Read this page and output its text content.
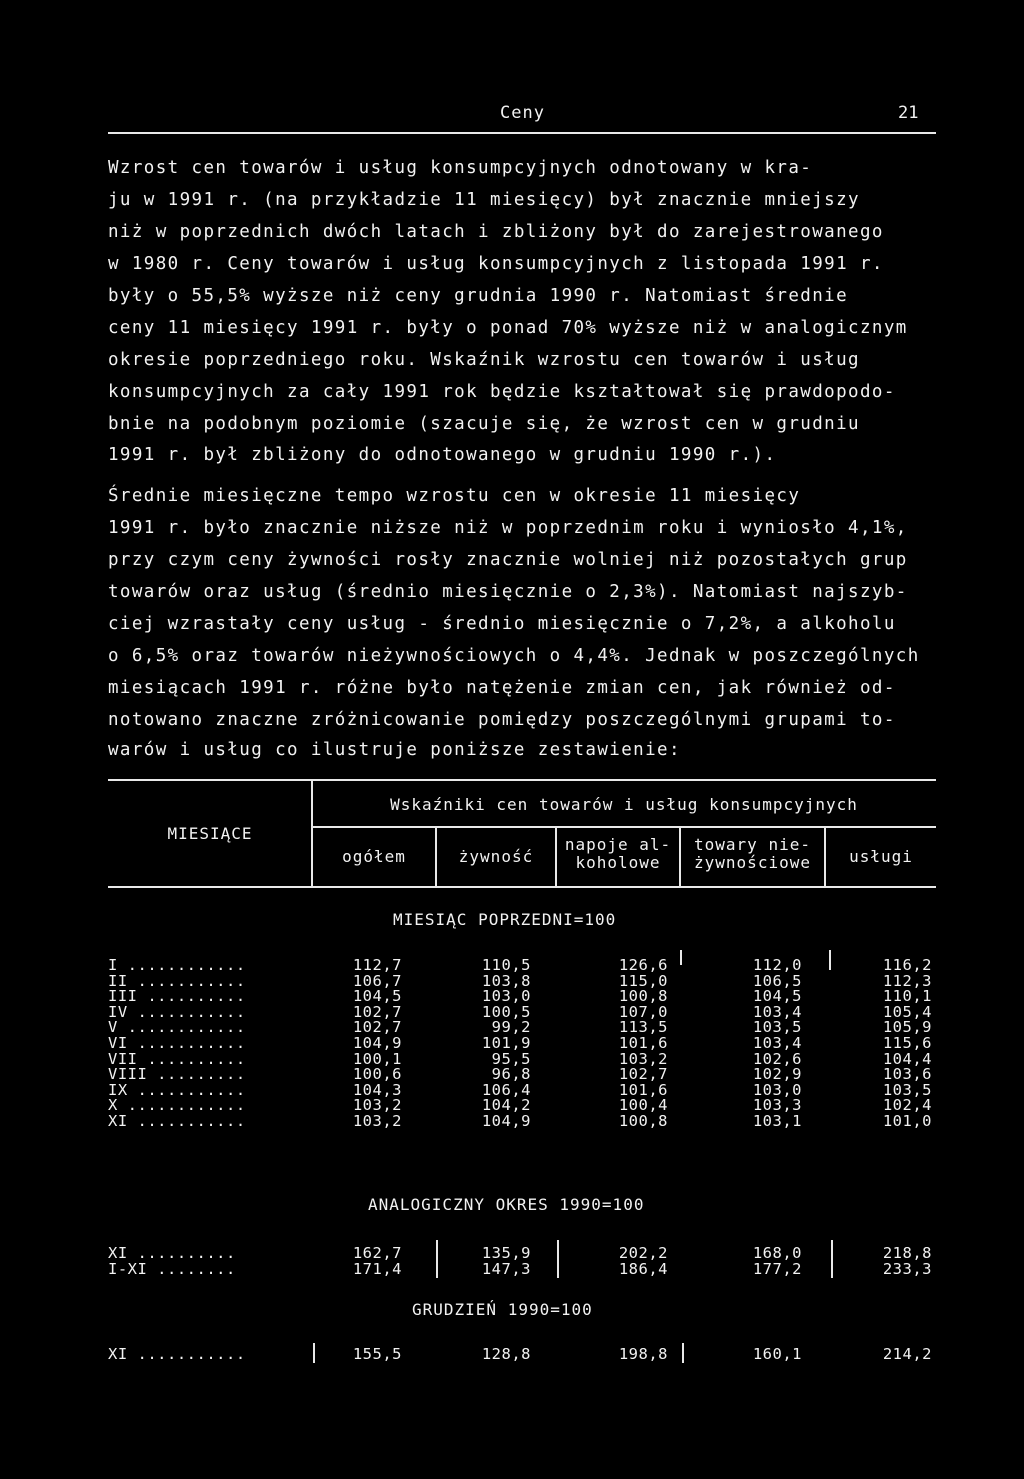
Ceny	21
Wzrost cen towarów i usług konsumpcyjnych odnotowany w kra-
ju w 1991 r. (na przykładzie 11 miesięcy) był znacznie mniejszy
niż w poprzednich dwóch latach i zbliżony był do zarejestrowanego
w 1980 r. Ceny towarów i usług konsumpcyjnych z listopada 1991 r.
były o 55,5% wyższe niż ceny grudnia 1990 r. Natomiast średnie
ceny 11 miesięcy 1991 r. były o ponad 70% wyższe niż w analogicznym
okresie poprzedniego roku. Wskaźnik wzrostu cen towarów i usług
konsumpcyjnych za cały 1991 rok będzie kształtował się prawdopodo-
bnie na podobnym poziomie (szacuje się, że wzrost cen w grudniu
1991 r. był zbliżony do odnotowanego w grudniu 1990 r.).
Średnie miesięczne tempo wzrostu cen w okresie 11 miesięcy
1991 r. było znacznie niższe niż w poprzednim roku i wyniosło 4,1%,
przy czym ceny żywności rosły znacznie wolniej niż pozostałych grup
towarów oraz usług (średnio miesięcznie o 2,3%). Natomiast najszyb-
ciej wzrastały ceny usług - średnio miesięcznie o 7,2%, a alkoholu
o 6,5% oraz towarów nieżywnościowych o 4,4%. Jednak w poszczególnych
miesiącach 1991 r. różne było natężenie zmian cen, jak również od-
notowano znaczne zróżnicowanie pomiędzy poszczególnymi grupami to-
warów i usług co ilustruje poniższe zestawienie:
MIESIĄCE
Wskaźniki cen towarów i usług konsumpcyjnych
ogółem	żywność
napoje al-
koholowe
towary nie-
żywnościowe	usługi
MIESIĄC POPRZEDNI=100
I ............	112,7	110,5	126,6	112,0	116,2
II ...........	106,7	103,8	115,0	106,5	112,3
III ..........	104,5	103,0	100,8	104,5	110,1
IV ...........	102,7	100,5	107,0	103,4	105,4
V ............	102,7	99,2	113,5	103,5	105,9
VI ...........	104,9	101,9	101,6	103,4	115,6
VII ..........	100,1	95,5	103,2	102,6	104,4
VIII .........	100,6	96,8	102,7	102,9	103,6
IX ...........	104,3	106,4	101,6	103,0	103,5
X ............	103,2	104,2	100,4	103,3	102,4
XI ...........	103,2	104,9	100,8	103,1	101,0
ANALOGICZNY OKRES 1990=100
XI ..........	162,7	135,9	202,2	168,0	218,8
I-XI ........	171,4	147,3	186,4	177,2	233,3
GRUDZIEŃ 1990=100
XI ...........	155,5	128,8	198,8	160,1	214,2
